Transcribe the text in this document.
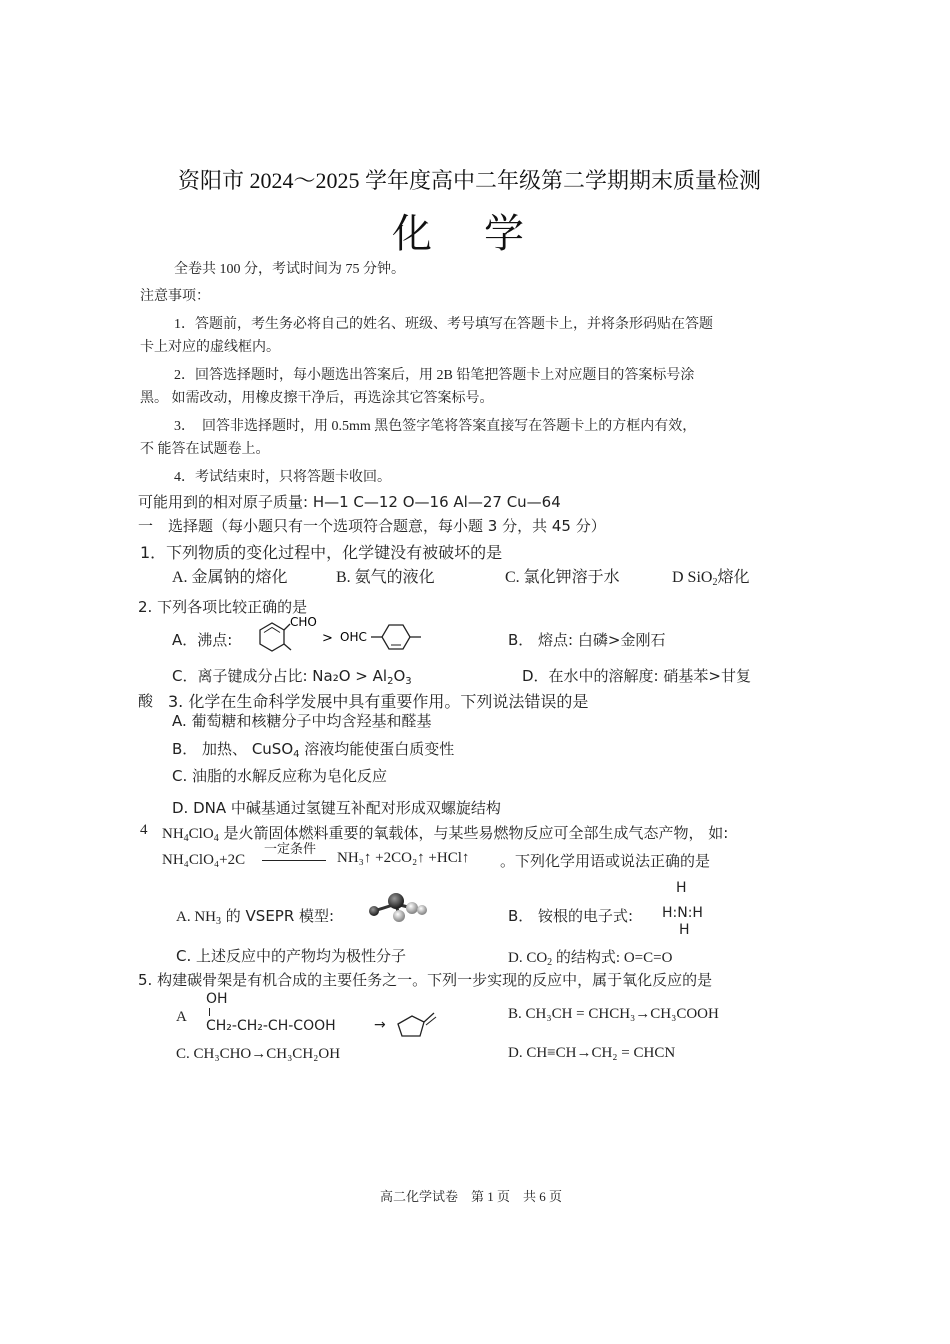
资阳市 2024～2025 学年度高中二年级第二学期期末质量检测
化　学
全卷共 100 分，考试时间为 75 分钟。
注意事项：
1．答题前，考生务必将自己的姓名、班级、考号填写在答题卡上，并将条形码贴在答题
卡上对应的虚线框内。
2．回答选择题时，每小题选出答案后，用 2B 铅笔把答题卡上对应题目的答案标号涂
黑。 如需改动，用橡皮擦干净后，再选涂其它答案标号。
3．　回答非选择题时，用 0.5mm 黑色签字笔将答案直接写在答题卡上的方框内有效，
不 能答在试题卷上。
4．考试结束时，只将答题卡收回。
可能用到的相对原子质量: H—1 C—12 O—16 Al—27 Cu—64
一　选择题（每小题只有一个选项符合题意，每小题 3 分，共 45 分）
1．下列物质的变化过程中，化学键没有被破坏的是
A. 金属钠的熔化	B. 氨气的液化	C. 氯化钾溶于水	D SiO$_2$熔化
2. 下列各项比较正确的是
A．沸点:
CHO
> OHC	B． 熔点: 白磷>金刚石
C．离子键成分占比: $Na_2O > Al_2O_3$	D．在水中的溶解度: 硝基苯>甘复
酸 3. 化学在生命科学发展中具有重要作用。下列说法错误的是
A. 葡萄糖和核糖分子中均含羟基和醛基
B． 加热、 CuSO$_4$ 溶液均能使蛋白质变性
C. 油脂的水解反应称为皂化反应
D. DNA 中碱基通过氢键互补配对形成双螺旋结构
4 $NH_4ClO_4$ 是火箭固体燃料重要的氧载体，与某些易燃物反应可全部生成气态产物， 如:
NH₄ClO₄+2C
一定条件
NH₃↑ +2CO₂↑ +HCl↑ 。下列化学用语或说法正确的是
A. $NH_3$ 的 VSEPR 模型:	B． 铵根的电子式:
H
H:N:H
H
C. 上述反应中的产物均为极性分子	D. $CO_2$ 的结构式: O=C=O
5. 构建碳骨架是有机合成的主要任务之一。下列一步实现的反应中，属于氧化反应的是
A
OH
CH₂-CH₂-CH-COOH	→
B. CH₃CH = CHCH₃→CH₃COOH
C. CH₃CHO→CH₃CH₂OH	D. CH≡CH→CH₂ = CHCN
高二化学试卷　第 1 页　共 6 页
